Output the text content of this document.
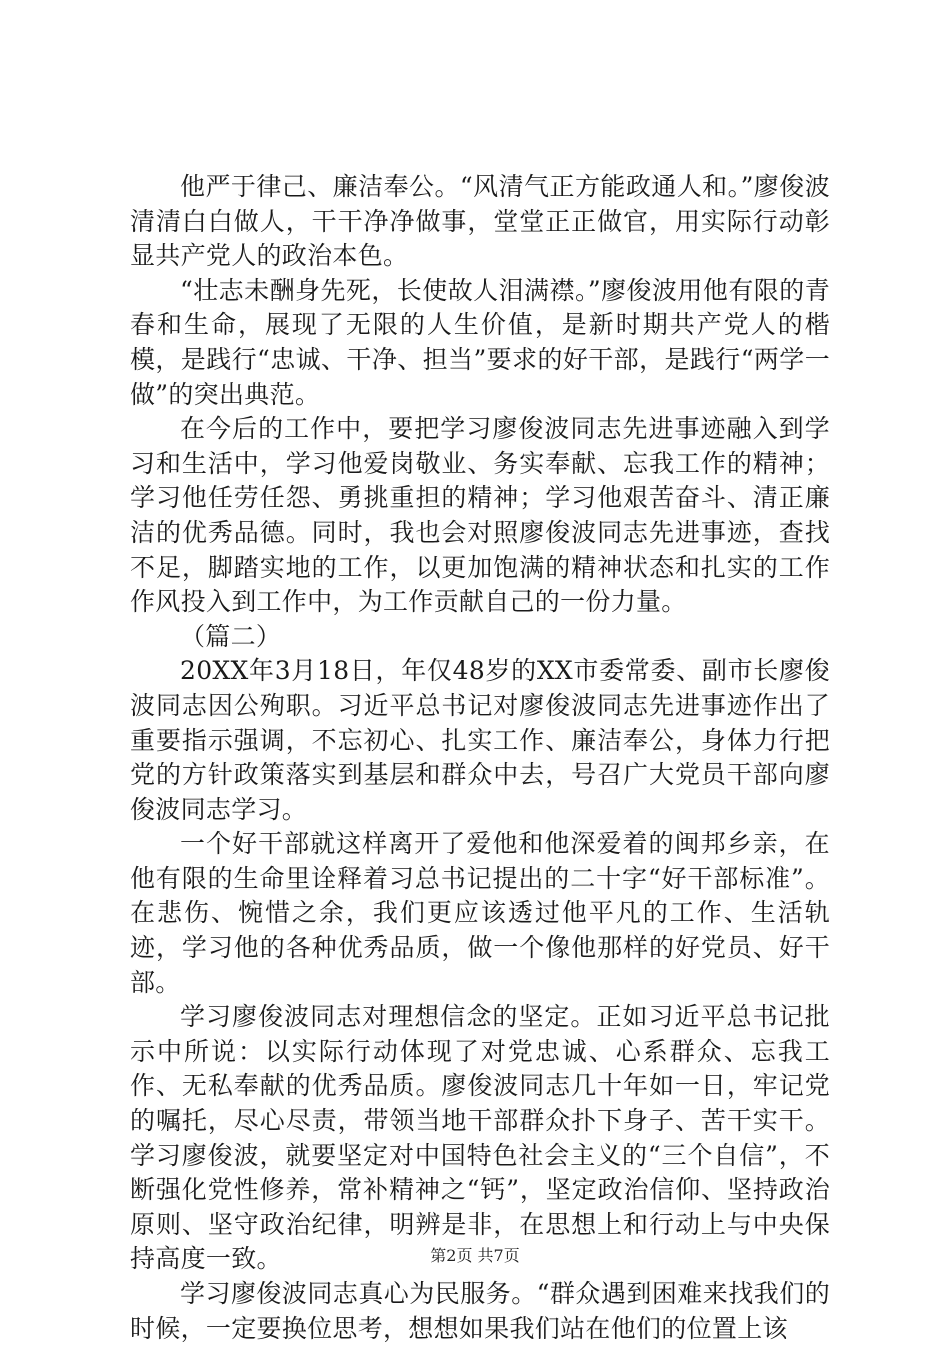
他严于律己、廉洁奉公。“风清气正方能政通人和。”廖俊波清清白白做人，干干净净做事，堂堂正正做官，用实际行动彰显共产党人的政治本色。

“壮志未酬身先死，长使故人泪满襟。”廖俊波用他有限的青春和生命，展现了无限的人生价值，是新时期共产党人的楷模，是践行“忠诚、干净、担当”要求的好干部，是践行“两学一做”的突出典范。

在今后的工作中，要把学习廖俊波同志先进事迹融入到学习和生活中，学习他爱岗敬业、务实奉献、忘我工作的精神；学习他任劳任怨、勇挑重担的精神；学习他艰苦奋斗、清正廉洁的优秀品德。同时，我也会对照廖俊波同志先进事迹，查找不足，脚踏实地的工作，以更加饱满的精神状态和扎实的工作作风投入到工作中，为工作贡献自己的一份力量。

（篇二）

20XX年3月18日，年仅48岁的XX市委常委、副市长廖俊波同志因公殉职。习近平总书记对廖俊波同志先进事迹作出了重要指示强调，不忘初心、扎实工作、廉洁奉公，身体力行把党的方针政策落实到基层和群众中去，号召广大党员干部向廖俊波同志学习。

一个好干部就这样离开了爱他和他深爱着的闽邦乡亲，在他有限的生命里诠释着习总书记提出的二十字“好干部标准”。在悲伤、惋惜之余，我们更应该透过他平凡的工作、生活轨迹，学习他的各种优秀品质，做一个像他那样的好党员、好干部。

学习廖俊波同志对理想信念的坚定。正如习近平总书记批示中所说：以实际行动体现了对党忠诚、心系群众、忘我工作、无私奉献的优秀品质。廖俊波同志几十年如一日，牢记党的嘱托，尽心尽责，带领当地干部群众扑下身子、苦干实干。学习廖俊波，就要坚定对中国特色社会主义的“三个自信”，不断强化党性修养，常补精神之“钙”，坚定政治信仰、坚持政治原则、坚守政治纪律，明辨是非，在思想上和行动上与中央保持高度一致。

学习廖俊波同志真心为民服务。“群众遇到困难来找我们的时候，一定要换位思考，想想如果我们站在他们的位置上该

第2页 共7页
